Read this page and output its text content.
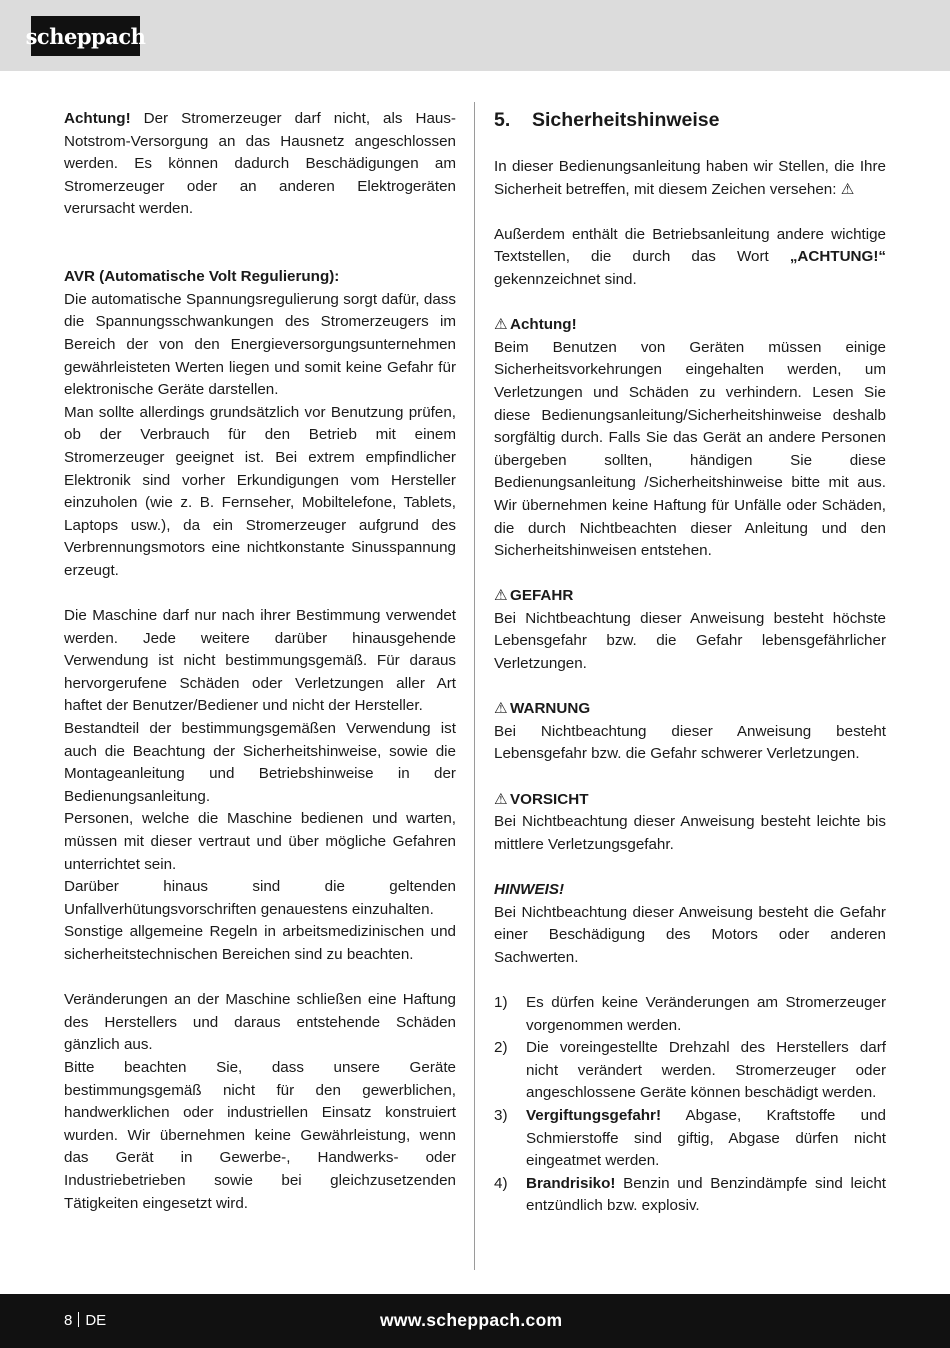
scheppach

Achtung! Der Stromerzeuger darf nicht, als Haus-Notstrom-Versorgung an das Hausnetz angeschlossen werden. Es können dadurch Beschädigungen am Stromerzeuger oder an anderen Elektrogeräten verursacht werden.

AVR (Automatische Volt Regulierung):

Die automatische Spannungsregulierung sorgt dafür, dass die Spannungsschwankungen des Stromerzeugers im Bereich der von den Energieversorgungsunternehmen gewährleisteten Werten liegen und somit keine Gefahr für elektronische Geräte darstellen.

Man sollte allerdings grundsätzlich vor Benutzung prüfen, ob der Verbrauch für den Betrieb mit einem Stromerzeuger geeignet ist. Bei extrem empfindlicher Elektronik sind vorher Erkundigungen vom Hersteller einzuholen (wie z. B. Fernseher, Mobiltelefone, Tablets, Laptops usw.), da ein Stromerzeuger aufgrund des Verbrennungsmotors eine nichtkonstante Sinusspannung erzeugt.

Die Maschine darf nur nach ihrer Bestimmung verwendet werden. Jede weitere darüber hinausgehende Verwendung ist nicht bestimmungsgemäß. Für daraus hervorgerufene Schäden oder Verletzungen aller Art haftet der Benutzer/Bediener und nicht der Hersteller.

Bestandteil der bestimmungsgemäßen Verwendung ist auch die Beachtung der Sicherheitshinweise, sowie die Montageanleitung und Betriebshinweise in der Bedienungsanleitung.

Personen, welche die Maschine bedienen und warten, müssen mit dieser vertraut und über mögliche Gefahren unterrichtet sein.

Darüber hinaus sind die geltenden Unfallverhütungsvorschriften genauestens einzuhalten.

Sonstige allgemeine Regeln in arbeitsmedizinischen und sicherheitstechnischen Bereichen sind zu beachten.

Veränderungen an der Maschine schließen eine Haftung des Herstellers und daraus entstehende Schäden gänzlich aus.

Bitte beachten Sie, dass unsere Geräte bestimmungsgemäß nicht für den gewerblichen, handwerklichen oder industriellen Einsatz konstruiert wurden. Wir übernehmen keine Gewährleistung, wenn das Gerät in Gewerbe-, Handwerks- oder Industriebetrieben sowie bei gleichzusetzenden Tätigkeiten eingesetzt wird.

5. Sicherheitshinweise

In dieser Bedienungsanleitung haben wir Stellen, die Ihre Sicherheit betreffen, mit diesem Zeichen versehen: ⚠

Außerdem enthält die Betriebsanleitung andere wichtige Textstellen, die durch das Wort „ACHTUNG!“ gekennzeichnet sind.

⚠ Achtung!

Beim Benutzen von Geräten müssen einige Sicherheitsvorkehrungen eingehalten werden, um Verletzungen und Schäden zu verhindern. Lesen Sie diese Bedienungsanleitung/Sicherheitshinweise deshalb sorgfältig durch. Falls Sie das Gerät an andere Personen übergeben sollten, händigen Sie diese Bedienungsanleitung /Sicherheitshinweise bitte mit aus. Wir übernehmen keine Haftung für Unfälle oder Schäden, die durch Nichtbeachten dieser Anleitung und den Sicherheitshinweisen entstehen.

⚠ GEFAHR

Bei Nichtbeachtung dieser Anweisung besteht höchste Lebensgefahr bzw. die Gefahr lebensgefährlicher Verletzungen.

⚠ WARNUNG

Bei Nichtbeachtung dieser Anweisung besteht Lebensgefahr bzw. die Gefahr schwerer Verletzungen.

⚠ VORSICHT

Bei Nichtbeachtung dieser Anweisung besteht leichte bis mittlere Verletzungsgefahr.

HINWEIS!

Bei Nichtbeachtung dieser Anweisung besteht die Gefahr einer Beschädigung des Motors oder anderen Sachwerten.

1)	Es dürfen keine Veränderungen am Stromerzeuger vorgenommen werden.
2)	Die voreingestellte Drehzahl des Herstellers darf nicht verändert werden. Stromerzeuger oder angeschlossene Geräte können beschädigt werden.
3)	Vergiftungsgefahr! Abgase, Kraftstoffe und Schmierstoffe sind giftig, Abgase dürfen nicht eingeatmet werden.
4)	Brandrisiko! Benzin und Benzindämpfe sind leicht entzündlich bzw. explosiv.
8 DE	www.scheppach.com
